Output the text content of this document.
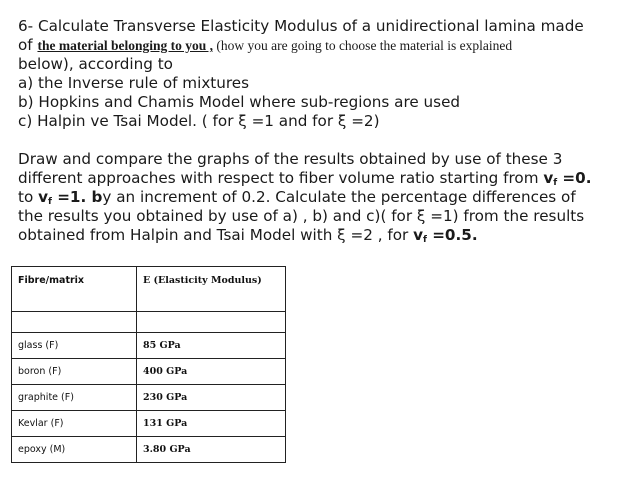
6- Calculate Transverse Elasticity Modulus of a unidirectional lamina made
of the material belonging to you , (how you are going to choose the material is explained
below), according to
a) the Inverse rule of mixtures
b) Hopkins and Chamis Model where sub-regions are used
c) Halpin ve Tsai Model. ( for ξ =1 and for ξ =2)
Draw and compare the graphs of the results obtained by use of these 3
different approaches with respect to fiber volume ratio starting from $v_f =0$.
to $v_f =1$. by an increment of 0.2. Calculate the percentage differences of
the results you obtained by use of a) , b) and c)( for ξ =1) from the results
obtained from Halpin and Tsai Model with ξ =2 , for $v_f =0.5$.
Fibre/matrix	E (Elasticity Modulus)

glass (F)	85 GPa
boron (F)	400 GPa
graphite (F)	230 GPa
Kevlar (F)	131 GPa
epoxy (M)	3.80 GPa
